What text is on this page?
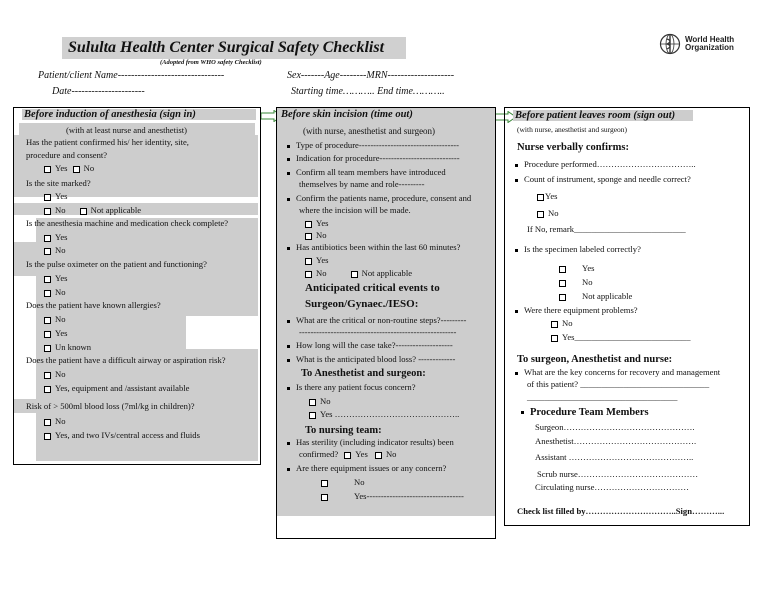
Sululta Health Center Surgical Safety Checklist
(Adopted from WHO safety Checklist)
World Health
Organization
Patient/client Name--------------------------------	Sex-------Age--------MRN--------------------
Date----------------------	Starting time……….. End time………..
Before induction of anesthesia (sign in)
(with at least nurse and anesthetist)
Has the patient confirmed his/ her identity, site,
procedure and consent?
Yes No
Is the site marked?
Yes
No	Not applicable
Is the anesthesia machine and medication check complete?
Yes
No
Is the pulse oximeter on the patient and functioning?
Yes
No
Does the patient have known allergies?
No
Yes
Un known
Does the patient have a difficult airway or aspiration risk?
No
Yes, equipment and /assistant available
Risk of > 500ml blood loss (7ml/kg in children)?
No
Yes, and two IVs/central access and fluids
Before skin incision (time out)
(with nurse, anesthetist and surgeon)
Type of procedure-----------------------------------
Indication for procedure----------------------------
Confirm all team members have introduced
themselves by name and role---------
Confirm the patients name, procedure, consent and
where the incision will be made.
Yes
No
Has antibiotics been within the last 60 minutes?
Yes
No	Not applicable
Anticipated critical events to
Surgeon/Gynaec./IESO:
What are the critical or non-routine steps?---------
-------------------------------------------------------
How long will the case take?--------------------
What is the anticipated blood loss? -------------
To Anesthetist and surgeon:
Is there any patient focus concern?
No
Yes ……………………………………..
To nursing team:
Has sterility (including indicator results) been
confirmed? Yes No
Are there equipment issues or any concern?
No
Yes----------------------------------
Before patient leaves room (sign out)
(with nurse, anesthetist and surgeon)
Nurse verbally confirms:
Procedure performed……………………………..
Count of instrument, sponge and needle correct?
Yes
No
If No, remark__________________________
Is the specimen labeled correctly?
Yes
No
Not applicable
Were there equipment problems?
No
Yes___________________________
To surgeon, Anesthetist and nurse:
What are the key concerns for recovery and management
of this patient? ______________________________
___________________________________
Procedure Team Members
Surgeon……………………………………….
Anesthetist…………………………………….
Assistant ……………………………………..
Scrub nurse……………………………………
Circulating nurse……………………………
Check list filled by…………………………..Sign………...
